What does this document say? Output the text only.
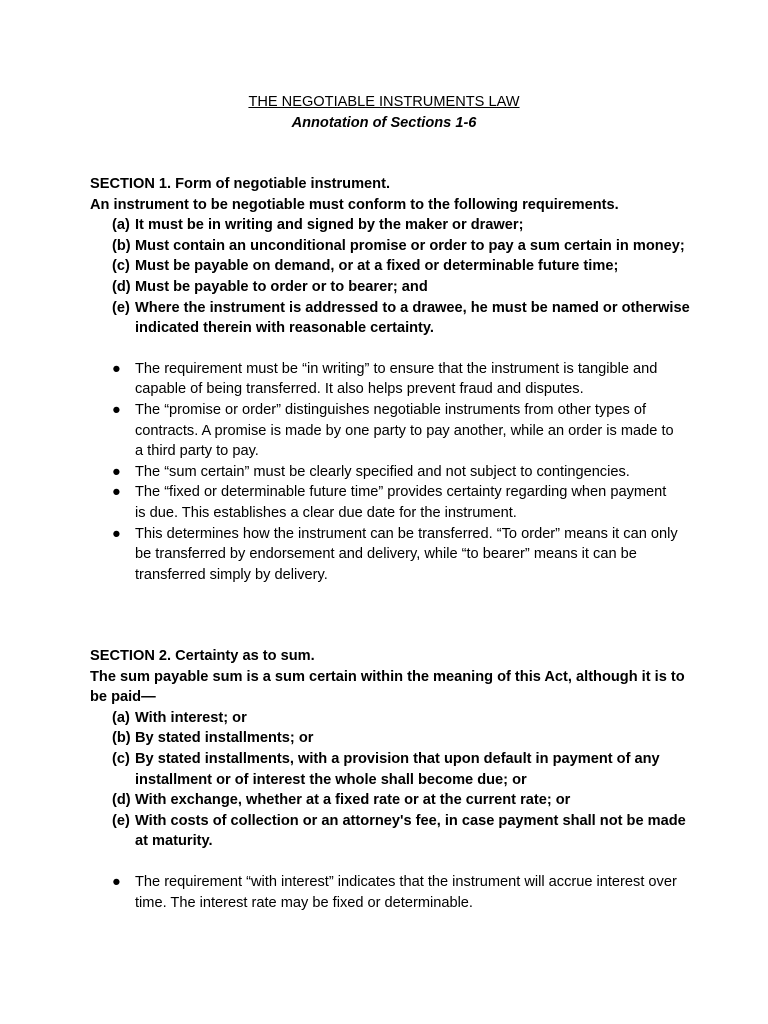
THE NEGOTIABLE INSTRUMENTS LAW
Annotation of Sections 1-6
SECTION 1. Form of negotiable instrument.
An instrument to be negotiable must conform to the following requirements.
(a) It must be in writing and signed by the maker or drawer;
(b) Must contain an unconditional promise or order to pay a sum certain in money;
(c) Must be payable on demand, or at a fixed or determinable future time;
(d) Must be payable to order or to bearer; and
(e) Where the instrument is addressed to a drawee, he must be named or otherwise indicated therein with reasonable certainty.
● The requirement must be “in writing” to ensure that the instrument is tangible and capable of being transferred. It also helps prevent fraud and disputes.
● The “promise or order” distinguishes negotiable instruments from other types of contracts. A promise is made by one party to pay another, while an order is made to a third party to pay.
● The “sum certain” must be clearly specified and not subject to contingencies.
● The “fixed or determinable future time” provides certainty regarding when payment is due. This establishes a clear due date for the instrument.
● This determines how the instrument can be transferred. “To order” means it can only be transferred by endorsement and delivery, while “to bearer” means it can be transferred simply by delivery.
SECTION 2. Certainty as to sum.
The sum payable sum is a sum certain within the meaning of this Act, although it is to be paid—
(a) With interest; or
(b) By stated installments; or
(c) By stated installments, with a provision that upon default in payment of any installment or of interest the whole shall become due; or
(d) With exchange, whether at a fixed rate or at the current rate; or
(e) With costs of collection or an attorney's fee, in case payment shall not be made at maturity.
● The requirement “with interest” indicates that the instrument will accrue interest over time. The interest rate may be fixed or determinable.
